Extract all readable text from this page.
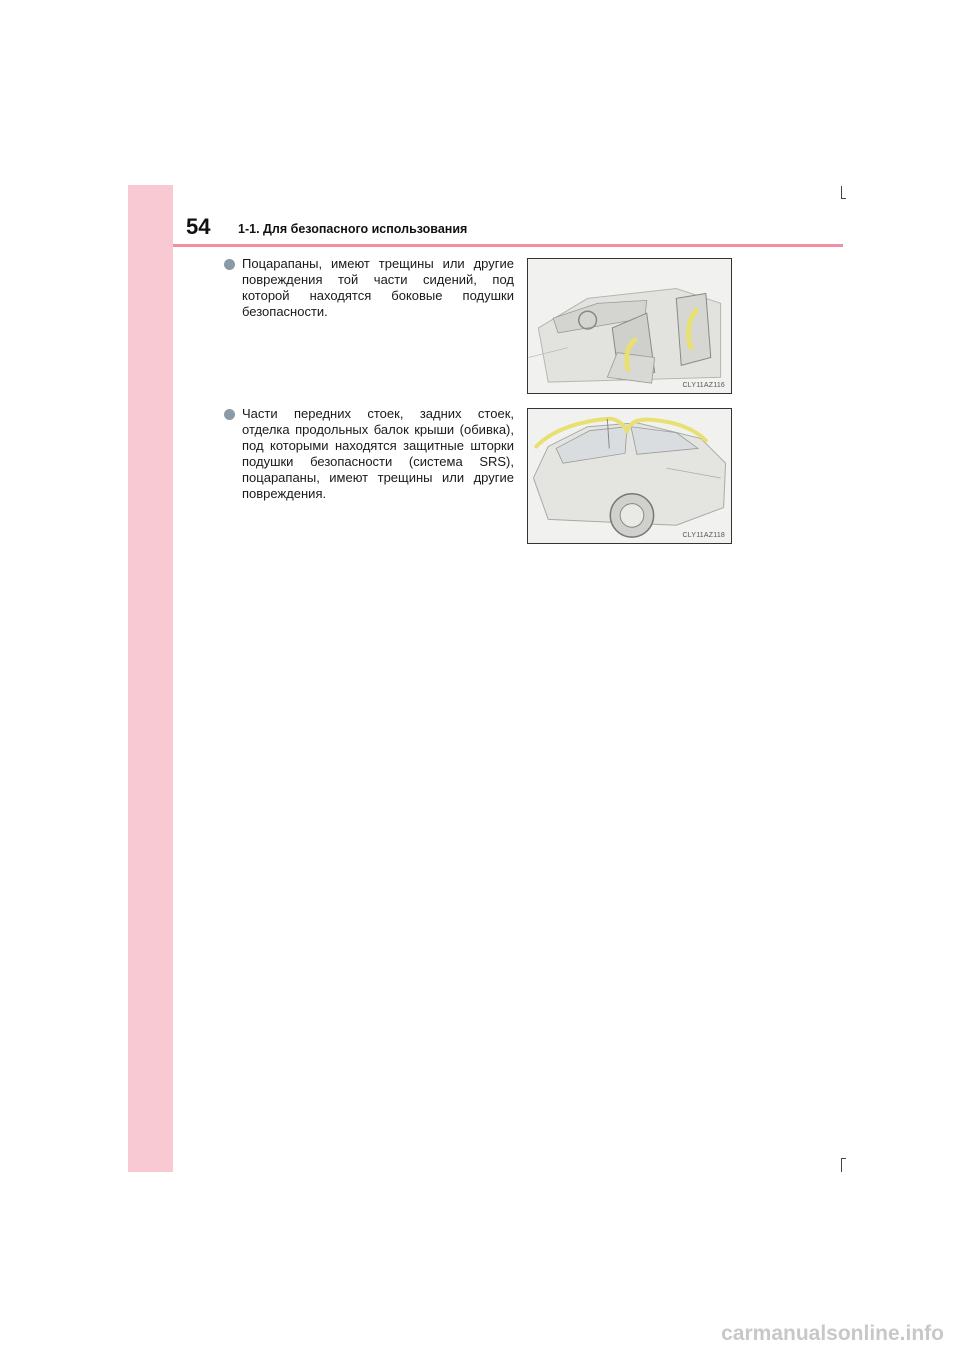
54 1-1. Для безопасного использования
Поцарапаны, имеют трещины или другие повреждения той части сидений, под которой находятся боковые подушки безопасности.
Части передних стоек, задних стоек, отделка продольных балок крыши (обивка), под которыми находятся защитные шторки подушки безопасности (система SRS), поцарапаны, имеют трещины или другие повреждения.
CLY11AZ116
CLY11AZ118
carmanualsonline.info
